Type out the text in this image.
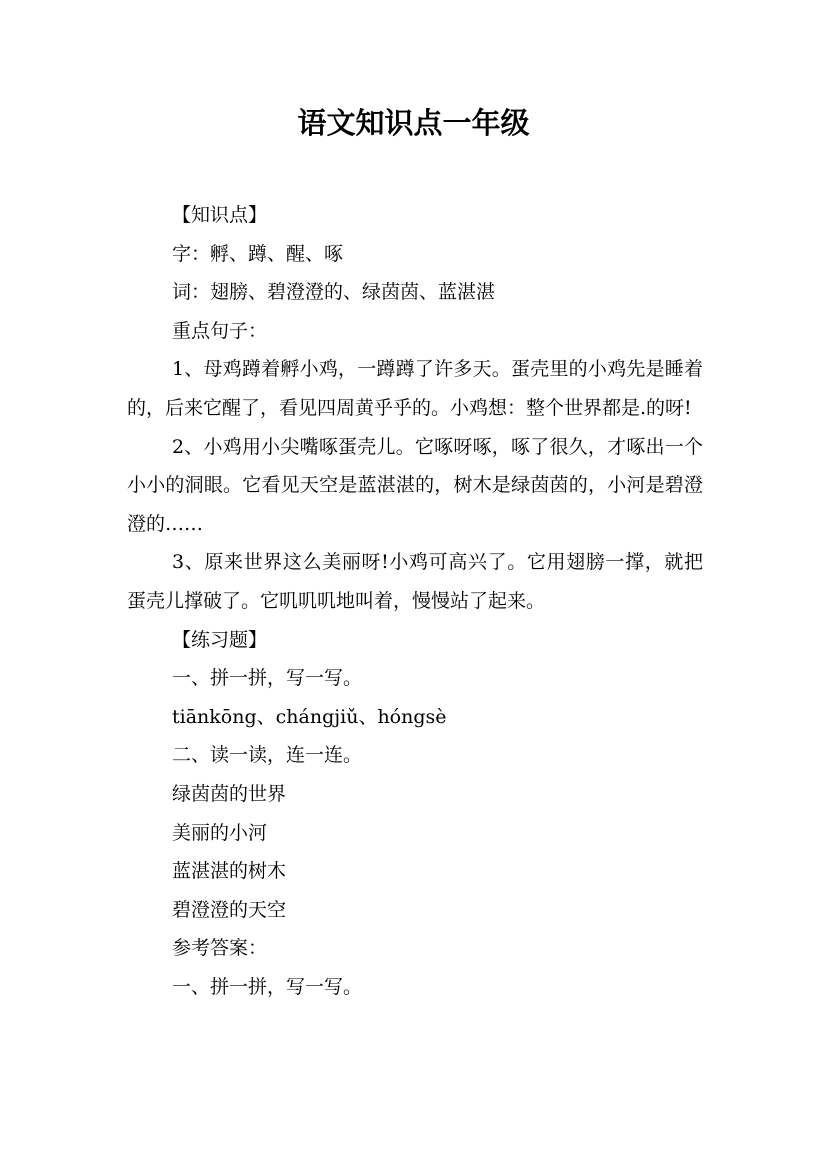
语文知识点一年级
【知识点】
字：孵、蹲、醒、啄
词：翅膀、碧澄澄的、绿茵茵、蓝湛湛
重点句子：

1、母鸡蹲着孵小鸡，一蹲蹲了许多天。蛋壳里的小鸡先是睡着的，后来它醒了，看见四周黄乎乎的。小鸡想：整个世界都是.的呀!

2、小鸡用小尖嘴啄蛋壳儿。它啄呀啄，啄了很久，才啄出一个小小的洞眼。它看见天空是蓝湛湛的，树木是绿茵茵的，小河是碧澄澄的……

3、原来世界这么美丽呀!小鸡可高兴了。它用翅膀一撑，就把蛋壳儿撑破了。它叽叽叽地叫着，慢慢站了起来。

【练习题】
一、拼一拼，写一写。
tiānkōng、chángjiǔ、hóngsè
二、读一读，连一连。
绿茵茵的世界
美丽的小河
蓝湛湛的树木
碧澄澄的天空
参考答案：
一、拼一拼，写一写。
